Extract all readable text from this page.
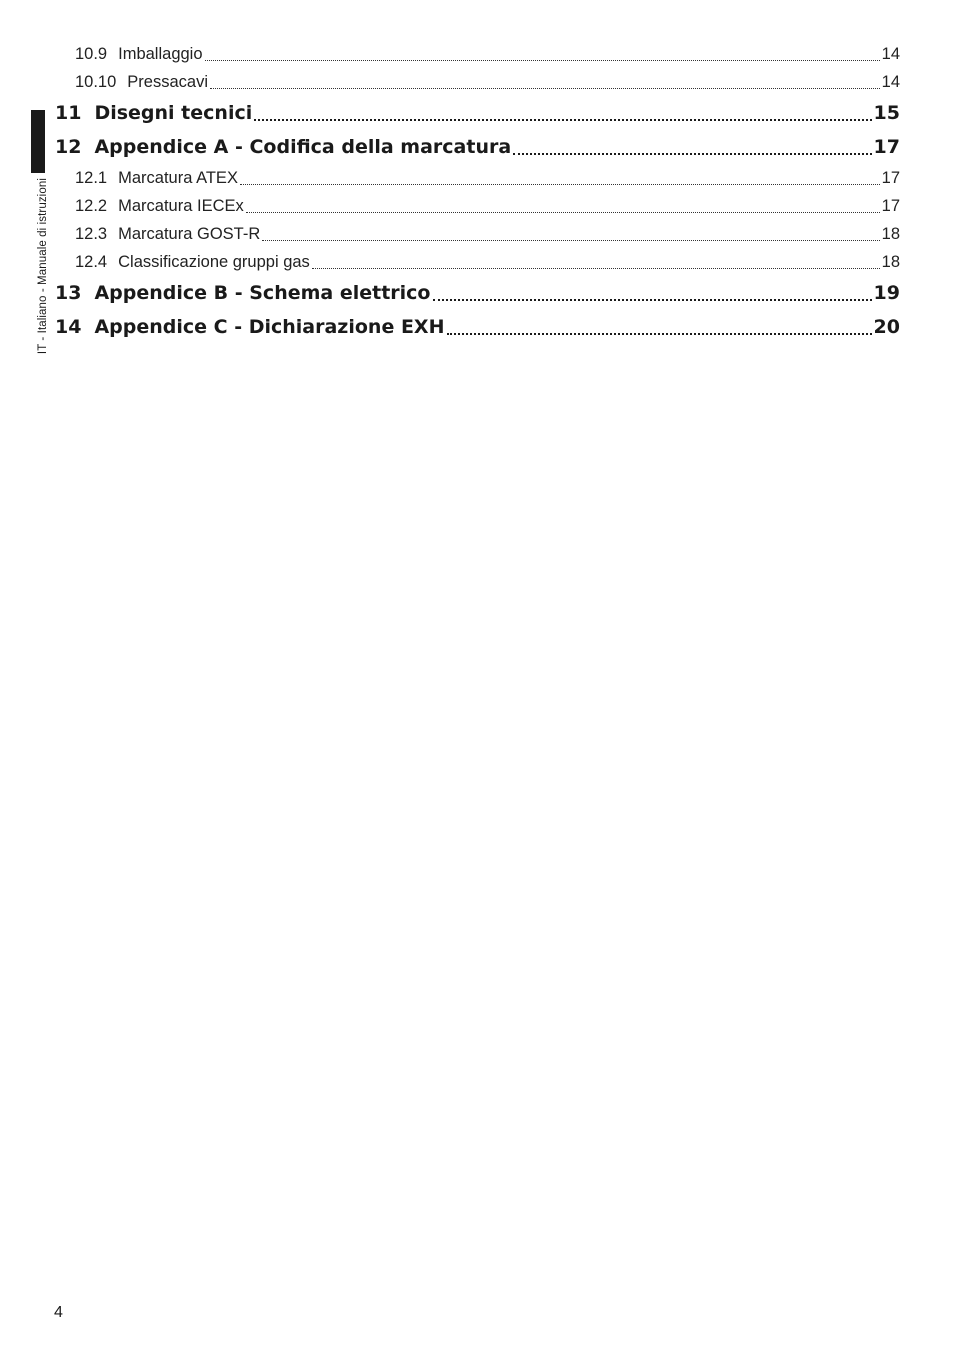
IT - Italiano - Manuale di istruzioni
10.9 Imballaggio	14
10.10 Pressacavi	14
11 Disegni tecnici	15
12 Appendice A - Codifica della marcatura	17
12.1 Marcatura ATEX	17
12.2 Marcatura IECEx	17
12.3 Marcatura GOST-R	18
12.4 Classificazione gruppi gas	18
13 Appendice B - Schema elettrico	19
14 Appendice C - Dichiarazione EXH	20
4
